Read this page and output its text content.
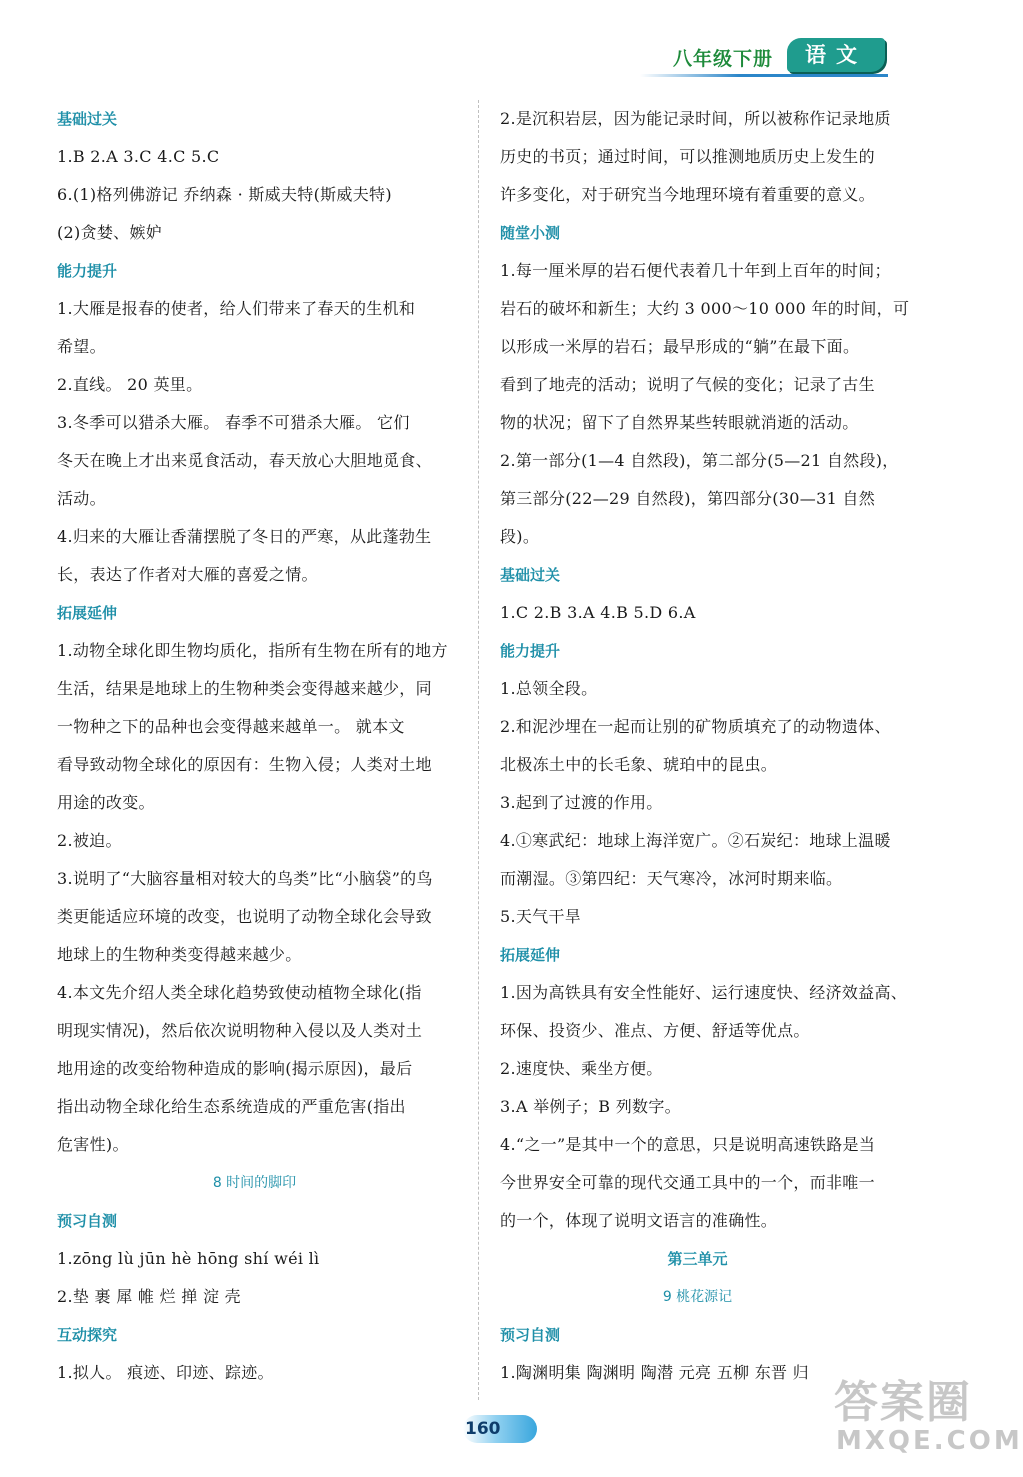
八年级下册	语文
基础过关
1.B 2.A 3.C 4.C 5.C
6.(1)格列佛游记 乔纳森 · 斯威夫特(斯威夫特)
(2)贪婪、嫉妒
能力提升
1.大雁是报春的使者，给人们带来了春天的生机和
希望。
2.直线。 20 英里。
3.冬季可以猎杀大雁。 春季不可猎杀大雁。 它们
冬天在晚上才出来觅食活动，春天放心大胆地觅食、
活动。
4.归来的大雁让香蒲摆脱了冬日的严寒，从此蓬勃生
长，表达了作者对大雁的喜爱之情。
拓展延伸
1.动物全球化即生物均质化，指所有生物在所有的地方
生活，结果是地球上的生物种类会变得越来越少，同
一物种之下的品种也会变得越来越单一。 就本文
看导致动物全球化的原因有：生物入侵；人类对土地
用途的改变。
2.被迫。
3.说明了“大脑容量相对较大的鸟类”比“小脑袋”的鸟
类更能适应环境的改变，也说明了动物全球化会导致
地球上的生物种类变得越来越少。
4.本文先介绍人类全球化趋势致使动植物全球化(指
明现实情况)，然后依次说明物种入侵以及人类对土
地用途的改变给物种造成的影响(揭示原因)，最后
指出动物全球化给生态系统造成的严重危害(指出
危害性)。
8 时间的脚印
预习自测
1.zōng lù jūn hè hōng shí wéi lì
2.垫 裹 犀 帷 烂 掸 淀 壳
互动探究
1.拟人。 痕迹、印迹、踪迹。
2.是沉积岩层，因为能记录时间，所以被称作记录地质
历史的书页；通过时间，可以推测地质历史上发生的
许多变化，对于研究当今地理环境有着重要的意义。
随堂小测
1.每一厘米厚的岩石便代表着几十年到上百年的时间；
岩石的破坏和新生；大约 3 000～10 000 年的时间，可
以形成一米厚的岩石；最早形成的“躺”在最下面。
看到了地壳的活动；说明了气候的变化；记录了古生
物的状况；留下了自然界某些转眼就消逝的活动。
2.第一部分(1—4 自然段)，第二部分(5—21 自然段)，
第三部分(22—29 自然段)，第四部分(30—31 自然
段)。
基础过关
1.C 2.B 3.A 4.B 5.D 6.A
能力提升
1.总领全段。
2.和泥沙埋在一起而让别的矿物质填充了的动物遗体、
北极冻土中的长毛象、琥珀中的昆虫。
3.起到了过渡的作用。
4.①寒武纪：地球上海洋宽广。②石炭纪：地球上温暖
而潮湿。③第四纪：天气寒冷，冰河时期来临。
5.天气干旱
拓展延伸
1.因为高铁具有安全性能好、运行速度快、经济效益高、
环保、投资少、准点、方便、舒适等优点。
2.速度快、乘坐方便。
3.A 举例子；B 列数字。
4.“之一”是其中一个的意思，只是说明高速铁路是当
今世界安全可靠的现代交通工具中的一个，而非唯一
的一个，体现了说明文语言的准确性。
第三单元
9 桃花源记
预习自测
1.陶渊明集 陶渊明 陶潜 元亮 五柳 东晋 归
160
答案圈
MXQE.COM
